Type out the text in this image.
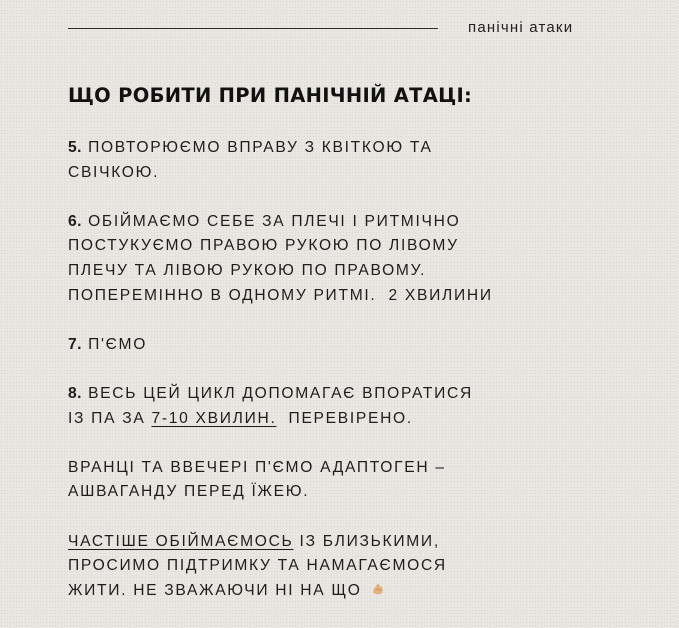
панічні атаки
ЩО РОБИТИ ПРИ ПАНІЧНІЙ АТАЦІ:

5. ПОВТОРЮЄМО ВПРАВУ З КВІТКОЮ ТА
СВІЧКОЮ.

6. ОБІЙМАЄМО СЕБЕ ЗА ПЛЕЧІ І РИТМІЧНО
ПОСТУКУЄМО ПРАВОЮ РУКОЮ ПО ЛІВОМУ
ПЛЕЧУ ТА ЛІВОЮ РУКОЮ ПО ПРАВОМУ.
ПОПЕРЕМІННО В ОДНОМУ РИТМІ.  2 ХВИЛИНИ

7. П'ЄМО

8. ВЕСЬ ЦЕЙ ЦИКЛ ДОПОМАГАЄ ВПОРАТИСЯ
ІЗ ПА ЗА 7-10 ХВИЛИН.  ПЕРЕВІРЕНО.

ВРАНЦІ ТА ВВЕЧЕРІ П'ЄМО АДАПТОГЕН –
АШВАГАНДУ ПЕРЕД ЇЖЕЮ.

ЧАСТІШЕ ОБІЙМАЄМОСЬ ІЗ БЛИЗЬКИМИ,
ПРОСИМО ПІДТРИМКУ ТА НАМАГАЄМОСЯ
ЖИТИ. НЕ ЗВАЖАЮЧИ НІ НА ЩО
